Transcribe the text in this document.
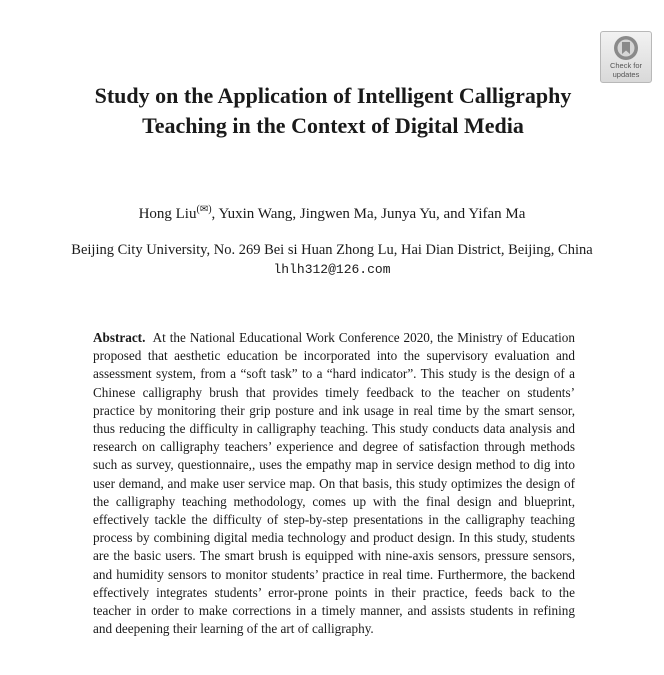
Check for
updates
Study on the Application of Intelligent Calligraphy Teaching in the Context of Digital Media
Hong Liu(✉), Yuxin Wang, Jingwen Ma, Junya Yu, and Yifan Ma
Beijing City University, No. 269 Bei si Huan Zhong Lu, Hai Dian District, Beijing, China
lhlh312@126.com

Abstract. At the National Educational Work Conference 2020, the Ministry of Education proposed that aesthetic education be incorporated into the supervisory evaluation and assessment system, from a “soft task” to a “hard indicator”. This study is the design of a Chinese calligraphy brush that provides timely feedback to the teacher on students’ practice by monitoring their grip posture and ink usage in real time by the smart sensor, thus reducing the difficulty in calligraphy teaching. This study conducts data analysis and research on calligraphy teachers’ experience and degree of satisfaction through methods such as survey, questionnaire,, uses the empathy map in service design method to dig into user demand, and make user service map. On that basis, this study optimizes the design of the calligraphy teaching methodology, comes up with the final design and blueprint, effectively tackle the difficulty of step-by-step presentations in the calligraphy teaching process by combining digital media technology and product design. In this study, students are the basic users. The smart brush is equipped with nine-axis sensors, pressure sensors, and humidity sensors to monitor students’ practice in real time. Furthermore, the backend effectively integrates students’ error-prone points in their practice, feeds back to the teacher in order to make corrections in a timely manner, and assists students in refining and deepening their learning of the art of calligraphy.
